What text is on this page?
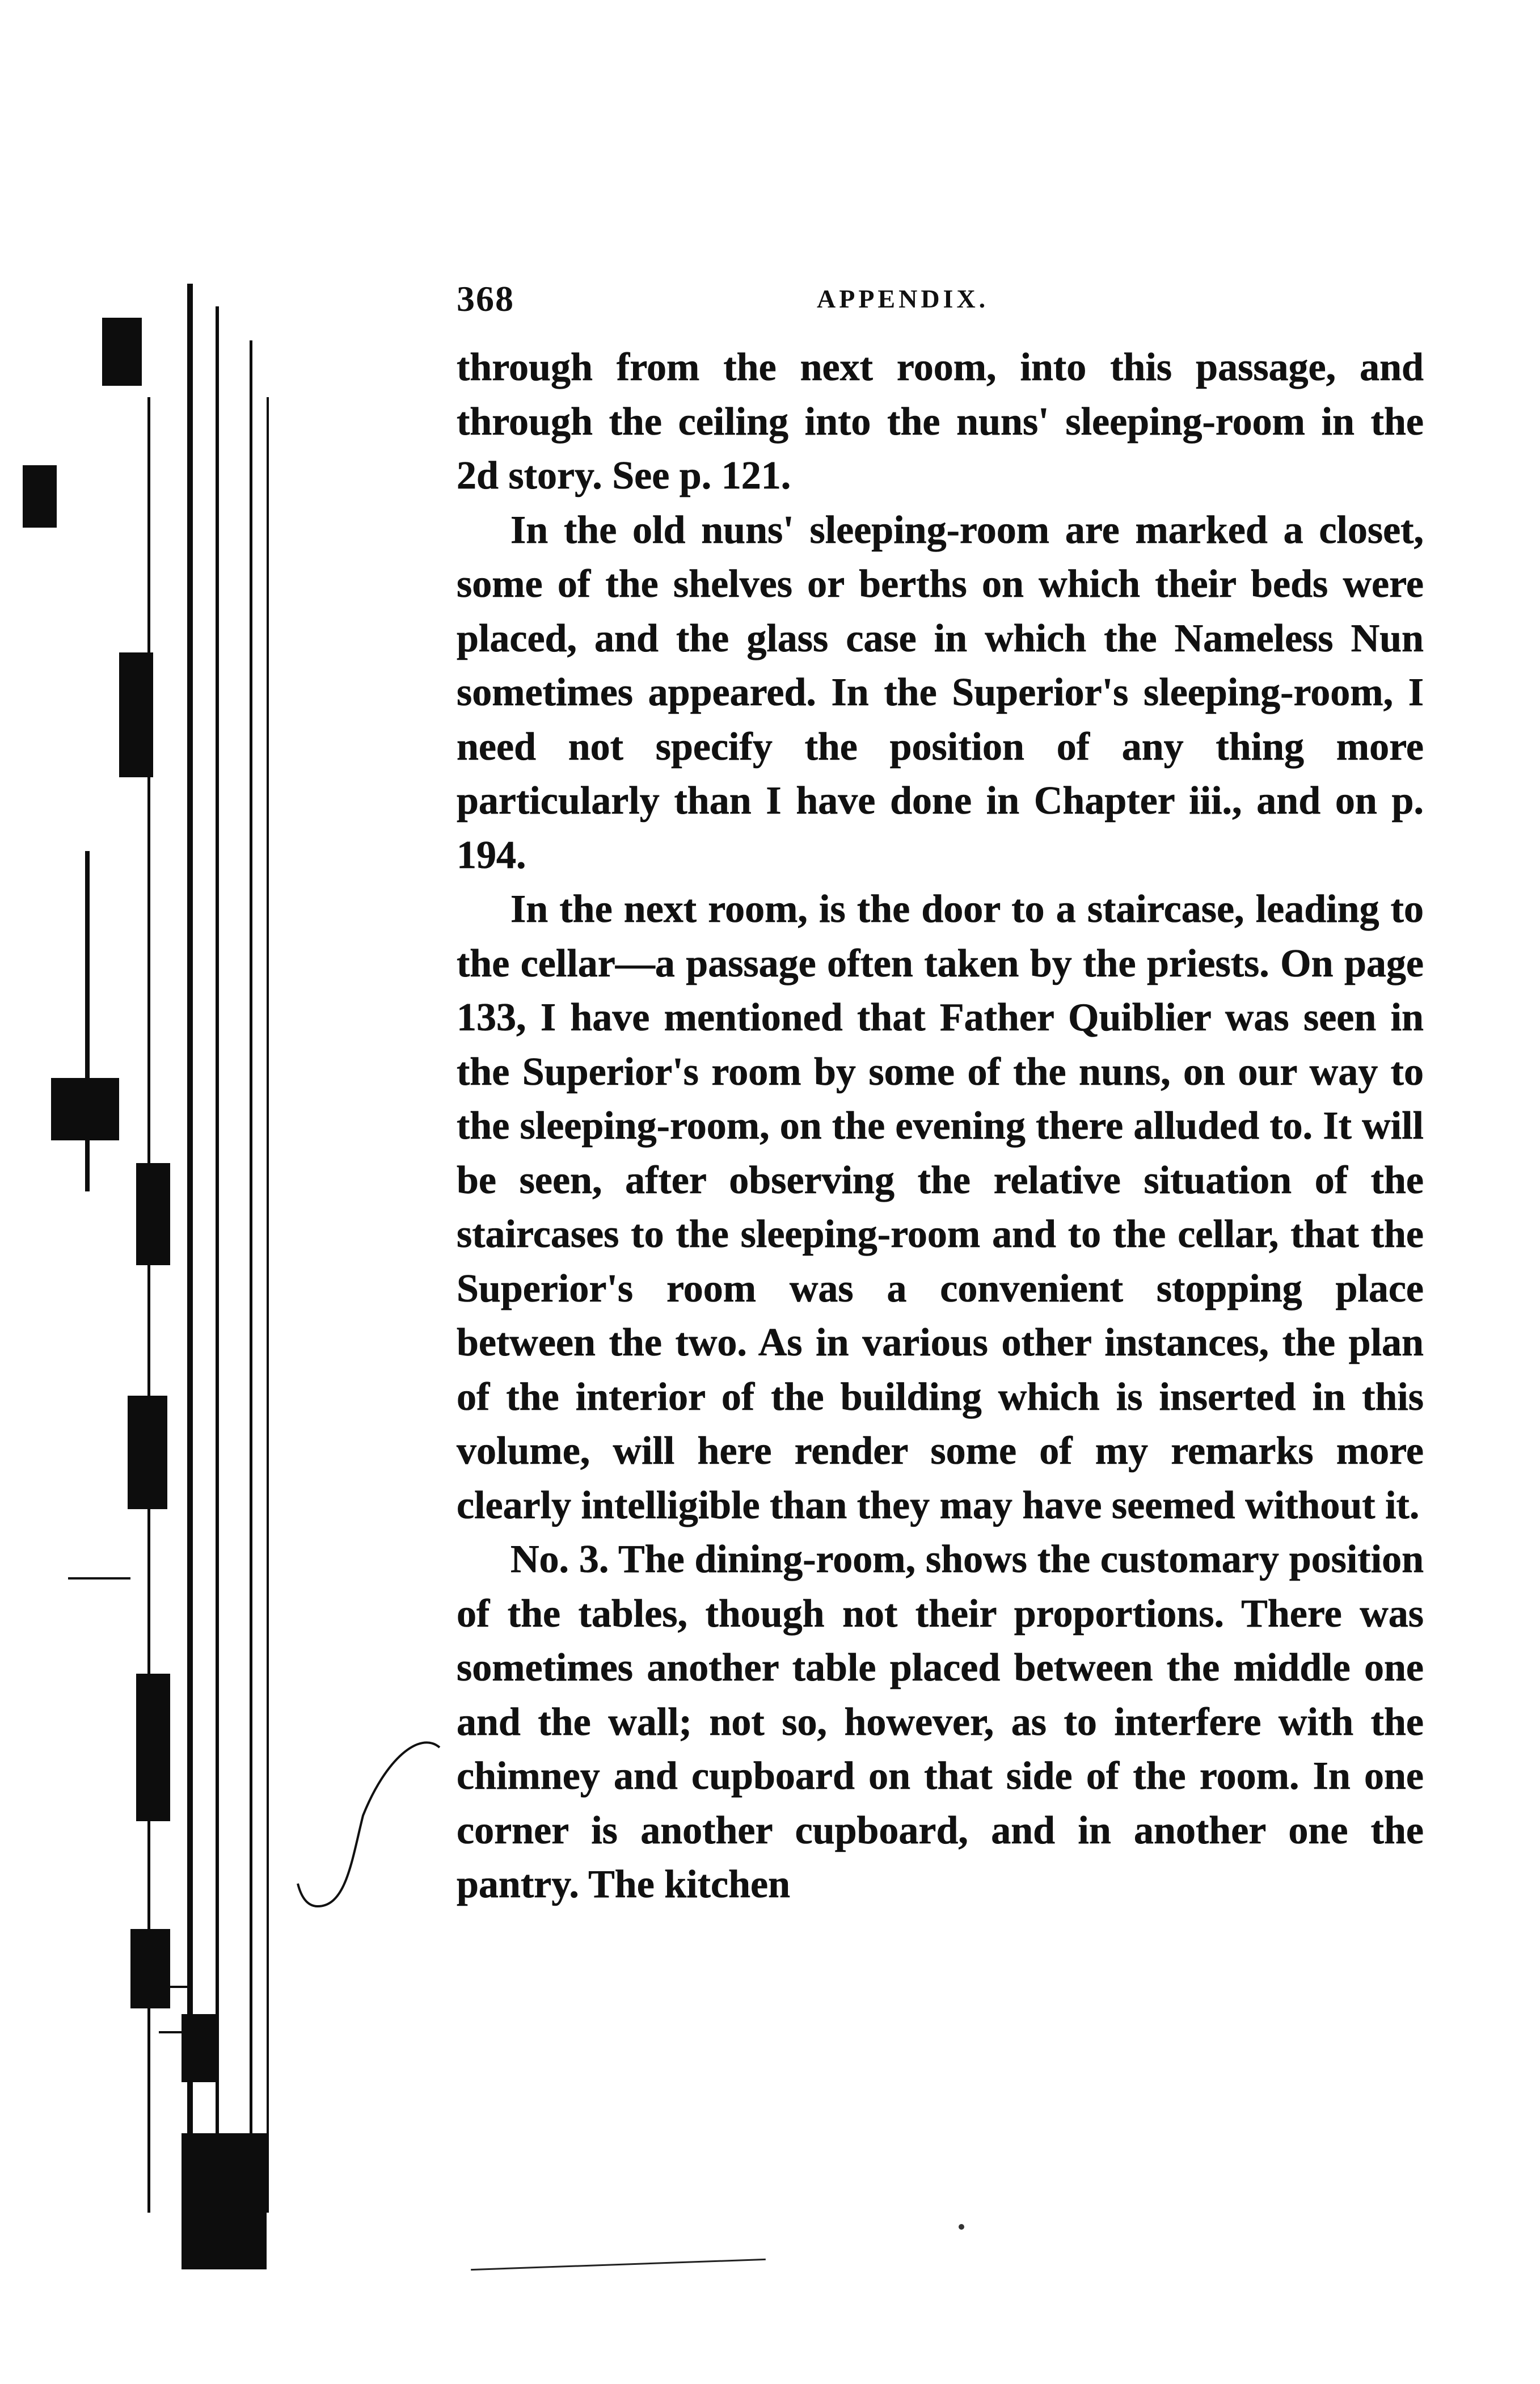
368	APPENDIX.

through from the next room, into this passage, and through the ceiling into the nuns' sleeping-room in the 2d story. See p. 121.

In the old nuns' sleeping-room are marked a closet, some of the shelves or berths on which their beds were placed, and the glass case in which the Nameless Nun sometimes appeared. In the Superior's sleeping-room, I need not specify the position of any thing more particularly than I have done in Chapter iii., and on p. 194.

In the next room, is the door to a staircase, leading to the cellar—a passage often taken by the priests. On page 133, I have mentioned that Father Quiblier was seen in the Superior's room by some of the nuns, on our way to the sleeping-room, on the evening there alluded to. It will be seen, after observing the relative situation of the staircases to the sleeping-room and to the cellar, that the Superior's room was a convenient stopping place between the two. As in various other instances, the plan of the interior of the building which is inserted in this volume, will here render some of my remarks more clearly intelligible than they may have seemed without it.

No. 3. The dining-room, shows the customary position of the tables, though not their proportions. There was sometimes another table placed between the middle one and the wall; not so, however, as to interfere with the chimney and cupboard on that side of the room. In one corner is another cupboard, and in another one the pantry. The kitchen
